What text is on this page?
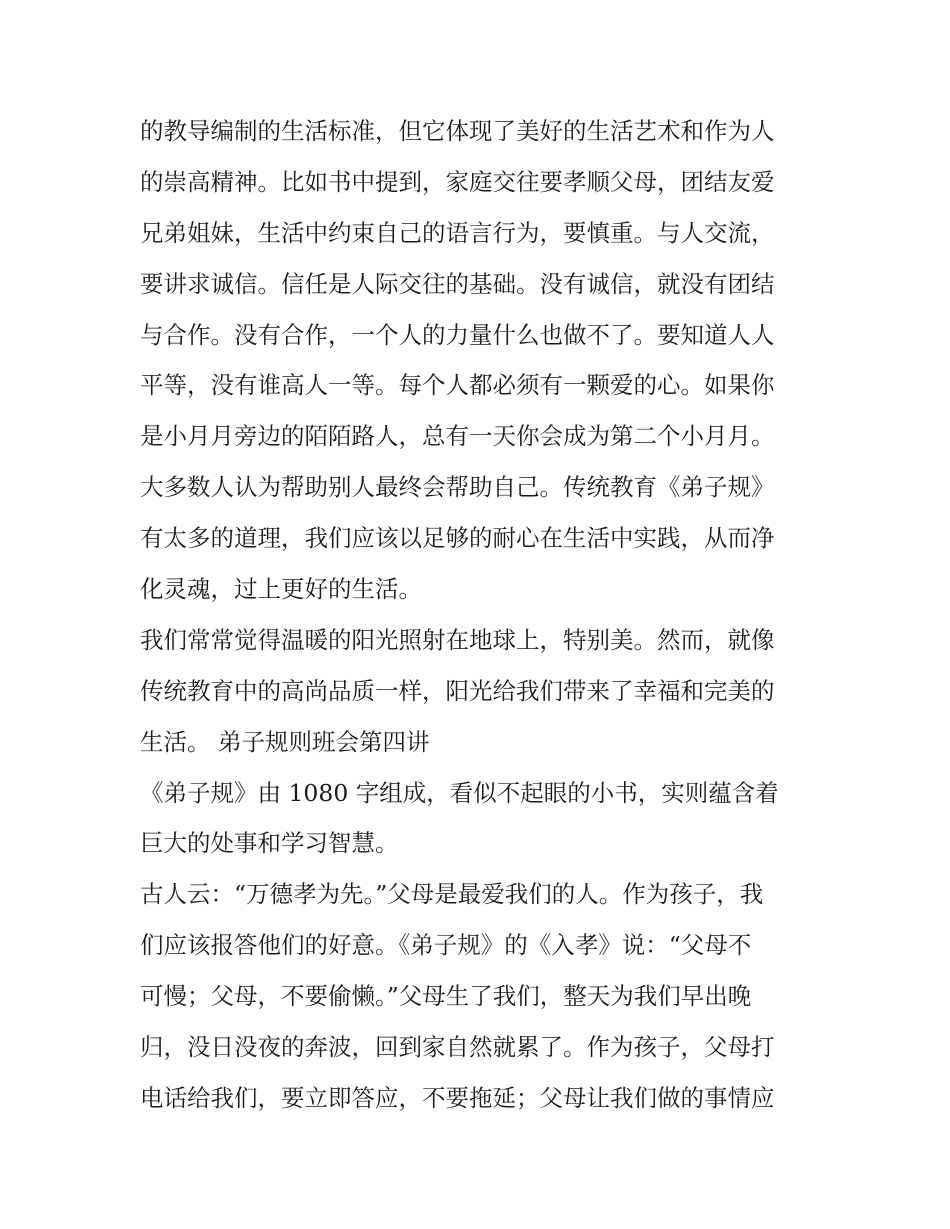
的教导编制的生活标准，但它体现了美好的生活艺术和作为人
的崇高精神。比如书中提到，家庭交往要孝顺父母，团结友爱
兄弟姐妹，生活中约束自己的语言行为，要慎重。与人交流，
要讲求诚信。信任是人际交往的基础。没有诚信，就没有团结
与合作。没有合作，一个人的力量什么也做不了。要知道人人
平等，没有谁高人一等。每个人都必须有一颗爱的心。如果你
是小月月旁边的陌陌路人，总有一天你会成为第二个小月月。
大多数人认为帮助别人最终会帮助自己。传统教育《弟子规》
有太多的道理，我们应该以足够的耐心在生活中实践，从而净
化灵魂，过上更好的生活。
我们常常觉得温暖的阳光照射在地球上，特别美。然而，就像
传统教育中的高尚品质一样，阳光给我们带来了幸福和完美的
生活。 弟子规则班会第四讲
《弟子规》由 1080 字组成，看似不起眼的小书，实则蕴含着
巨大的处事和学习智慧。
古人云：“万德孝为先。”父母是最爱我们的人。作为孩子，我
们应该报答他们的好意。《弟子规》的《入孝》说：“父母不
可慢；父母，不要偷懒。”父母生了我们，整天为我们早出晚
归，没日没夜的奔波，回到家自然就累了。作为孩子，父母打
电话给我们，要立即答应，不要拖延；父母让我们做的事情应
